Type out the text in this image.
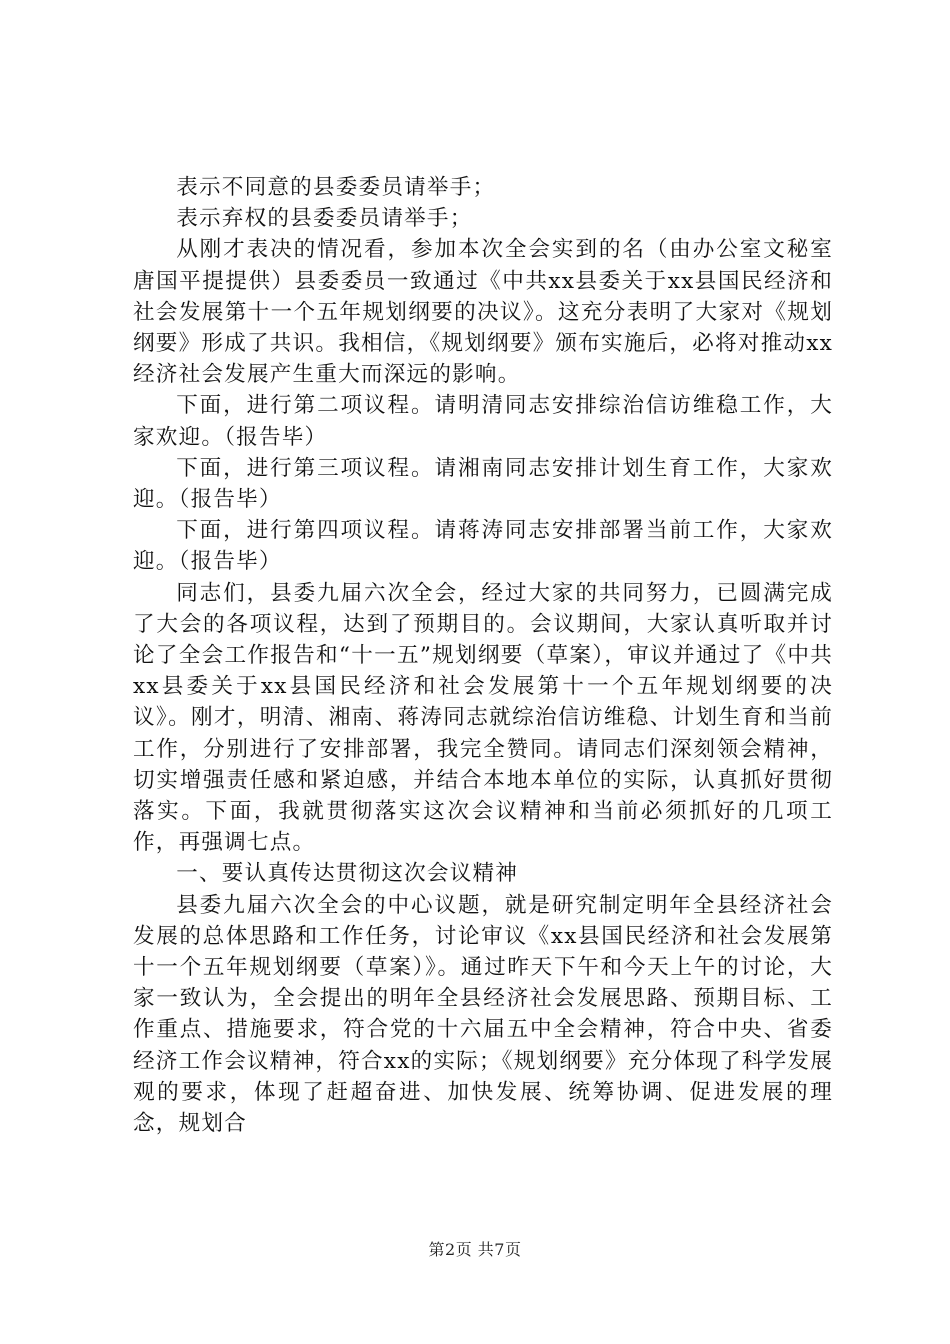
表示不同意的县委委员请举手；

表示弃权的县委委员请举手；

从刚才表决的情况看，参加本次全会实到的名（由办公室文秘室唐国平提提供）县委委员一致通过《中共xx县委关于xx县国民经济和社会发展第十一个五年规划纲要的决议》。这充分表明了大家对《规划纲要》形成了共识。我相信，《规划纲要》颁布实施后，必将对推动xx经济社会发展产生重大而深远的影响。

下面，进行第二项议程。请明清同志安排综治信访维稳工作，大家欢迎。（报告毕）

下面，进行第三项议程。请湘南同志安排计划生育工作，大家欢迎。（报告毕）

下面，进行第四项议程。请蒋涛同志安排部署当前工作，大家欢迎。（报告毕）

同志们，县委九届六次全会，经过大家的共同努力，已圆满完成了大会的各项议程，达到了预期目的。会议期间，大家认真听取并讨论了全会工作报告和“十一五”规划纲要（草案），审议并通过了《中共xx县委关于xx县国民经济和社会发展第十一个五年规划纲要的决议》。刚才，明清、湘南、蒋涛同志就综治信访维稳、计划生育和当前工作，分别进行了安排部署，我完全赞同。请同志们深刻领会精神，切实增强责任感和紧迫感，并结合本地本单位的实际，认真抓好贯彻落实。下面，我就贯彻落实这次会议精神和当前必须抓好的几项工作，再强调七点。

一、要认真传达贯彻这次会议精神

县委九届六次全会的中心议题，就是研究制定明年全县经济社会发展的总体思路和工作任务，讨论审议《xx县国民经济和社会发展第十一个五年规划纲要（草案）》。通过昨天下午和今天上午的讨论，大家一致认为，全会提出的明年全县经济社会发展思路、预期目标、工作重点、措施要求，符合党的十六届五中全会精神，符合中央、省委经济工作会议精神，符合xx的实际；《规划纲要》充分体现了科学发展观的要求，体现了赶超奋进、加快发展、统筹协调、促进发展的理念，规划合

第2页 共7页
